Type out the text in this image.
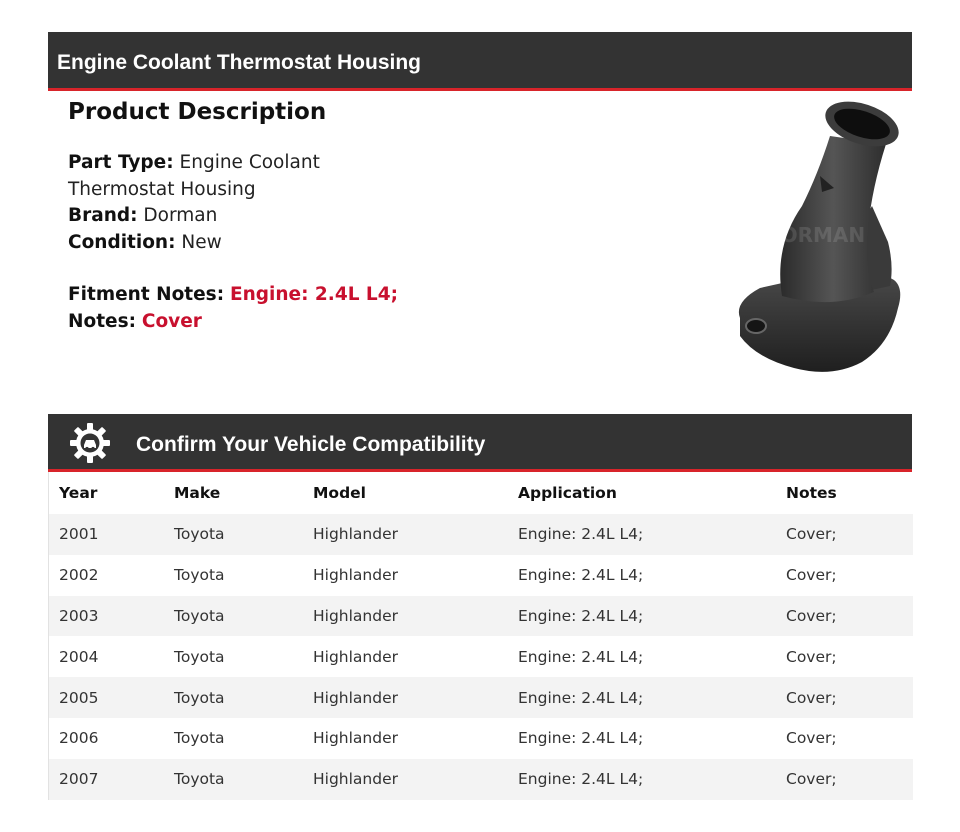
Engine Coolant Thermostat Housing
Product Description
Part Type: Engine Coolant Thermostat Housing
Brand: Dorman
Condition: New
Fitment Notes: Engine: 2.4L L4;
Notes: Cover
DORMAN
Confirm Your Vehicle Compatibility
Year	Make	Model	Application	Notes
2001	Toyota	Highlander	Engine: 2.4L L4;	Cover;
2002	Toyota	Highlander	Engine: 2.4L L4;	Cover;
2003	Toyota	Highlander	Engine: 2.4L L4;	Cover;
2004	Toyota	Highlander	Engine: 2.4L L4;	Cover;
2005	Toyota	Highlander	Engine: 2.4L L4;	Cover;
2006	Toyota	Highlander	Engine: 2.4L L4;	Cover;
2007	Toyota	Highlander	Engine: 2.4L L4;	Cover;
